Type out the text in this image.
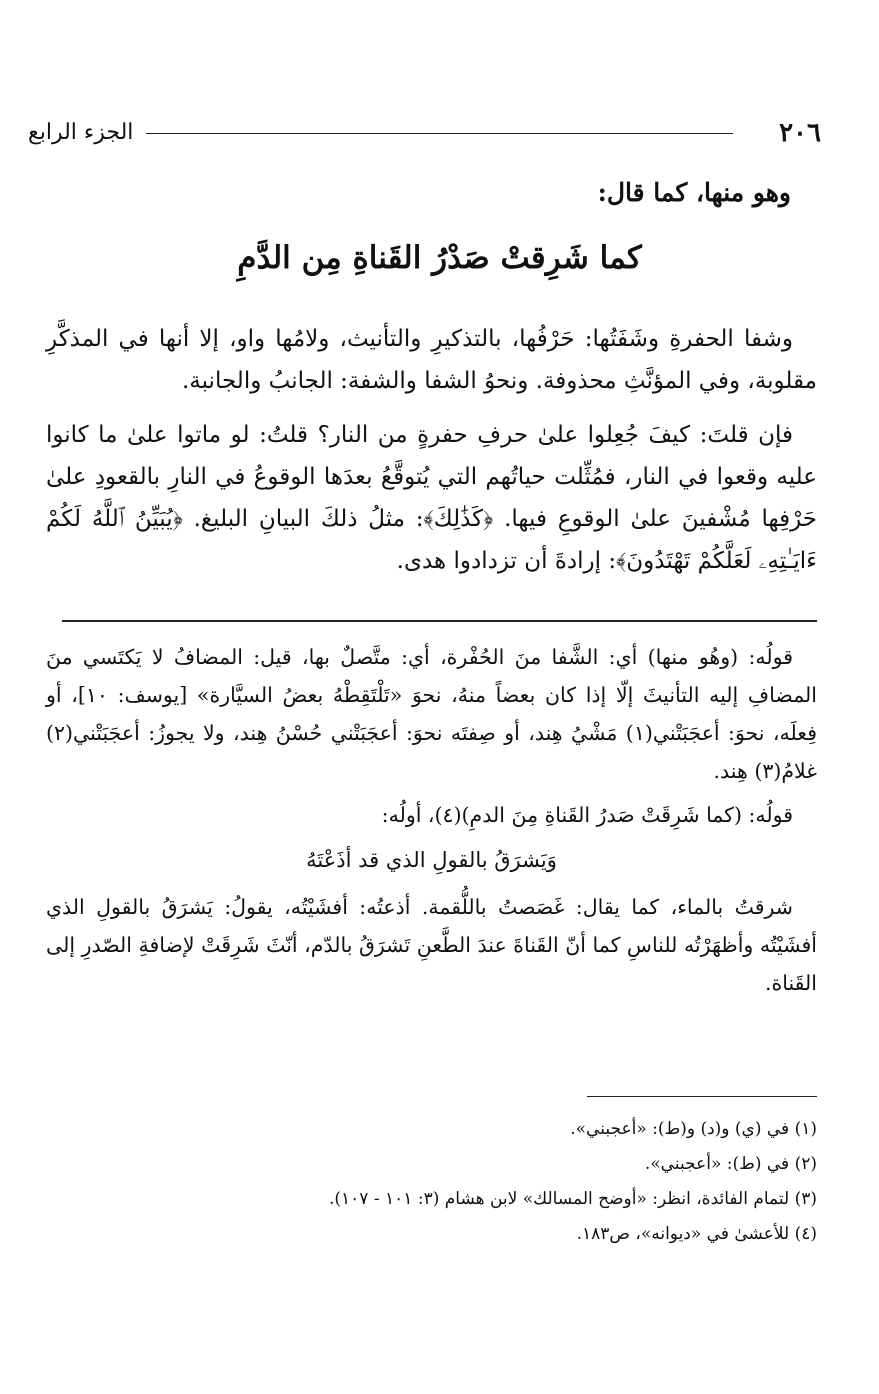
٢٠٦
الجزء الرابع
وهو منها، كما قال:
كما شَرِقتْ صَدْرُ القَناةِ مِن الدَّمِ

وشفا الحفرةِ وشَفَتُها: حَرْفُها، بالتذكيرِ والتأنيث، ولامُها واو، إلا أنها في المذكَّرِ مقلوبة، وفي المؤنَّثِ محذوفة. ونحوُ الشفا والشفة: الجانبُ والجانبة.

فإن قلتَ: كيفَ جُعِلوا علىٰ حرفِ حفرةٍ من النار؟ قلتُ: لو ماتوا علىٰ ما كانوا عليه وقعوا في النار، فمُثِّلت حياتُهم التي يُتوقَّعُ بعدَها الوقوعُ في النارِ بالقعودِ علىٰ حَرْفِها مُشْفينَ علىٰ الوقوعِ فيها. ﴿كَذَٰلِكَ﴾: مثلُ ذلكَ البيانِ البليغ. ﴿يُبَيِّنُ ٱللَّهُ لَكُمْ ءَايَـٰتِهِۦ لَعَلَّكُمْ تَهْتَدُونَ﴾: إرادةَ أن تزدادوا هدى.

قولُه: (وهُو منها) أي: الشَّفا منَ الحُفْرة، أي: متَّصلٌ بها، قيل: المضافُ لا يَكتَسي منَ المضافِ إليه التأنيثَ إلّا إذا كان بعضاً منهُ، نحوَ «تَلْتَقِطْهُ بعضُ السيَّارة» [يوسف: ١٠]، أو فِعلَه، نحوَ: أعجَبَتْني(١) مَشْيُ هِند، أو صِفتَه نحوَ: أعجَبَتْني حُسْنُ هِند، ولا يجوزُ: أعجَبَتْني(٢) غلامُ(٣) هِند.

قولُه: (كما شَرِقَتْ صَدرُ القَناةِ مِنَ الدمِ)(٤)، أولُه:

وَيَشرَقُ بالقولِ الذي قد أذَعْتَهُ

شرقتُ بالماء، كما يقال: غَصَصتُ باللُّقمة. أذعتُه: أفشَيْتُه، يقولُ: يَشرَقُ بالقولِ الذي أفشَيْتُه وأظهَرْتُه للناسِ كما أنّ القَناةَ عندَ الطَّعنِ تَشرَقُ بالدّم، أنّثَ شَرِقَتْ لإضافةِ الصّدرِ إلى القَناة.

(١) في (ي) و(د) و(ط): «أعجبني».

(٢) في (ط): «أعجبني».

(٣) لتمام الفائدة، انظر: «أوضح المسالك» لابن هشام (٣: ١٠١ - ١٠٧).

(٤) للأعشىٰ في «ديوانه»، ص١٨٣.
